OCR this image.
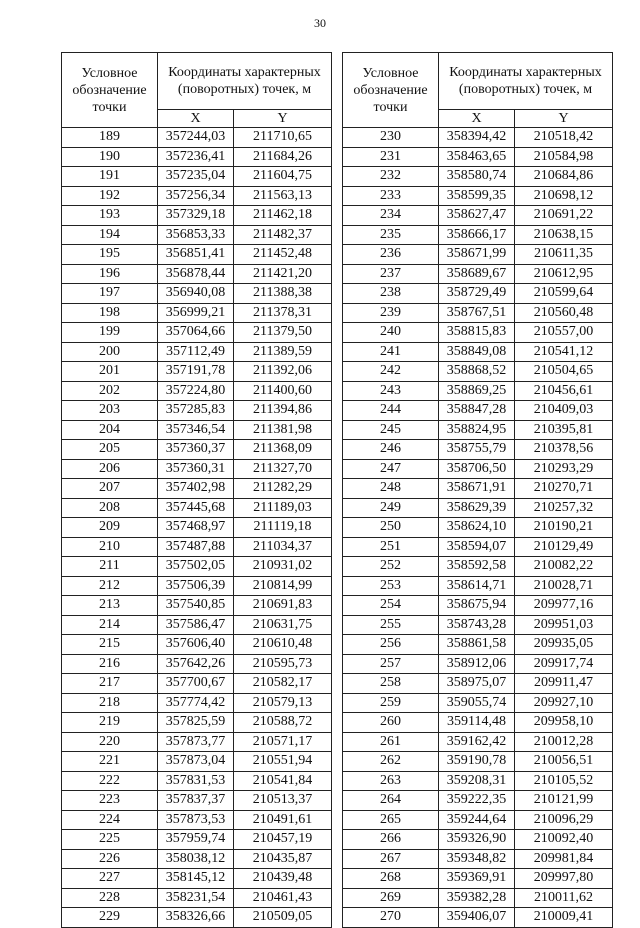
30
Условное обозначение точки	Координаты характерных (поворотных) точек, м	
	X	Y
189	357244,03	211710,65
190	357236,41	211684,26
191	357235,04	211604,75
192	357256,34	211563,13
193	357329,18	211462,18
194	356853,33	211482,37
195	356851,41	211452,48
196	356878,44	211421,20
197	356940,08	211388,38
198	356999,21	211378,31
199	357064,66	211379,50
200	357112,49	211389,59
201	357191,78	211392,06
202	357224,80	211400,60
203	357285,83	211394,86
204	357346,54	211381,98
205	357360,37	211368,09
206	357360,31	211327,70
207	357402,98	211282,29
208	357445,68	211189,03
209	357468,97	211119,18
210	357487,88	211034,37
211	357502,05	210931,02
212	357506,39	210814,99
213	357540,85	210691,83
214	357586,47	210631,75
215	357606,40	210610,48
216	357642,26	210595,73
217	357700,67	210582,17
218	357774,42	210579,13
219	357825,59	210588,72
220	357873,77	210571,17
221	357873,04	210551,94
222	357831,53	210541,84
223	357837,37	210513,37
224	357873,53	210491,61
225	357959,74	210457,19
226	358038,12	210435,87
227	358145,12	210439,48
228	358231,54	210461,43
229	358326,66	210509,05
Условное обозначение точки	Координаты характерных (поворотных) точек, м	
	X	Y
230	358394,42	210518,42
231	358463,65	210584,98
232	358580,74	210684,86
233	358599,35	210698,12
234	358627,47	210691,22
235	358666,17	210638,15
236	358671,99	210611,35
237	358689,67	210612,95
238	358729,49	210599,64
239	358767,51	210560,48
240	358815,83	210557,00
241	358849,08	210541,12
242	358868,52	210504,65
243	358869,25	210456,61
244	358847,28	210409,03
245	358824,95	210395,81
246	358755,79	210378,56
247	358706,50	210293,29
248	358671,91	210270,71
249	358629,39	210257,32
250	358624,10	210190,21
251	358594,07	210129,49
252	358592,58	210082,22
253	358614,71	210028,71
254	358675,94	209977,16
255	358743,28	209951,03
256	358861,58	209935,05
257	358912,06	209917,74
258	358975,07	209911,47
259	359055,74	209927,10
260	359114,48	209958,10
261	359162,42	210012,28
262	359190,78	210056,51
263	359208,31	210105,52
264	359222,35	210121,99
265	359244,64	210096,29
266	359326,90	210092,40
267	359348,82	209981,84
268	359369,91	209997,80
269	359382,28	210011,62
270	359406,07	210009,41
